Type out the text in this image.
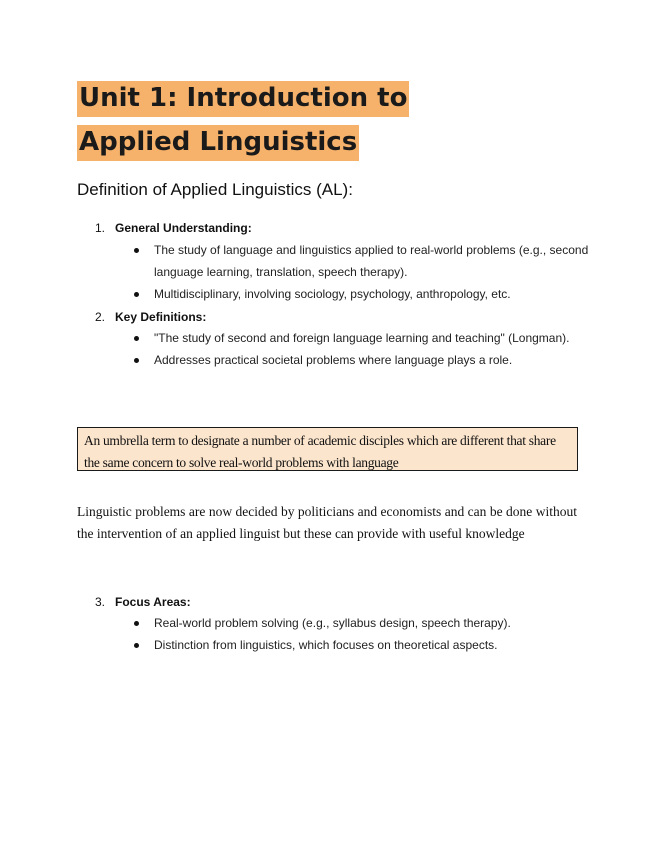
Unit 1: Introduction to Applied Linguistics
Definition of Applied Linguistics (AL):
1. General Understanding:
The study of language and linguistics applied to real-world problems (e.g., second language learning, translation, speech therapy).
Multidisciplinary, involving sociology, psychology, anthropology, etc.
2. Key Definitions:
"The study of second and foreign language learning and teaching" (Longman).
Addresses practical societal problems where language plays a role.
An umbrella term to designate a number of academic disciples which are different that share the same concern to solve real-world problems with language

Linguistic problems are now decided by politicians and economists and can be done without the intervention of an applied linguist but these can provide with useful knowledge

3. Focus Areas:
Real-world problem solving (e.g., syllabus design, speech therapy).
Distinction from linguistics, which focuses on theoretical aspects.
